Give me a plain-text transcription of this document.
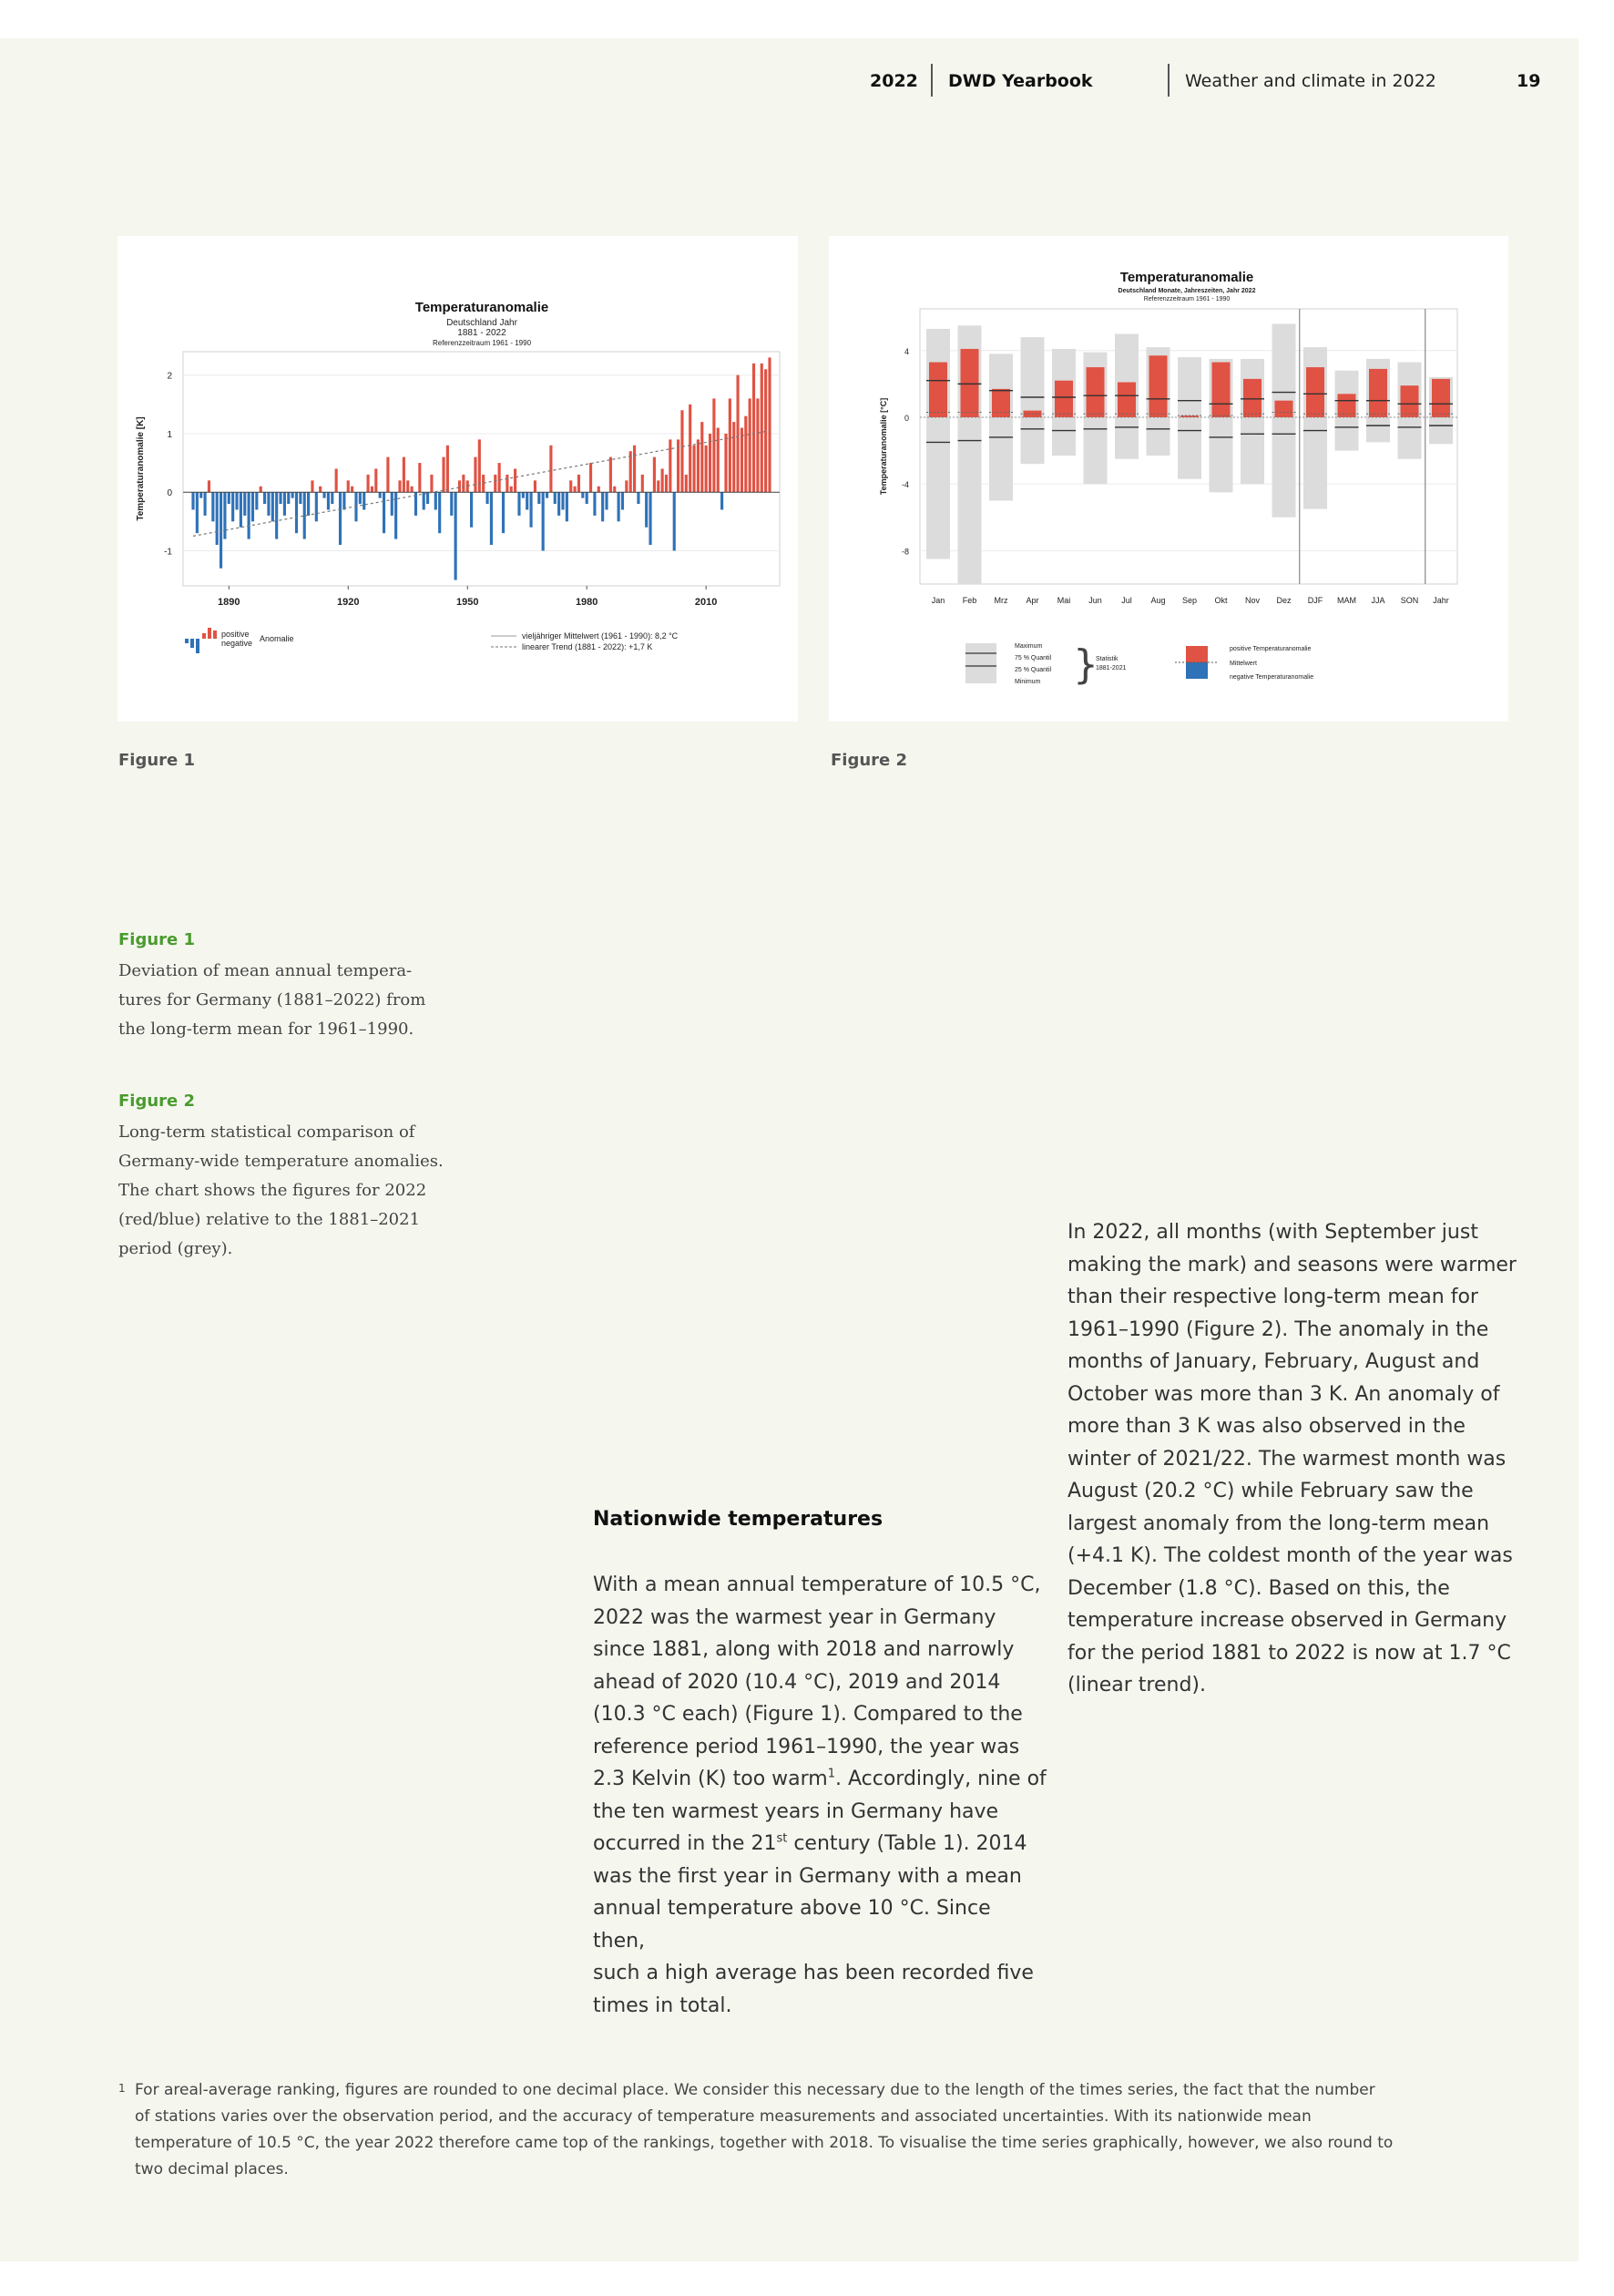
2022 DWD Yearbook	Weather and climate in 2022	19
Temperaturanomalie
Deutschland Jahr
1881 - 2022
Referenzzeitraum 1961 - 1990
2
1
0
-1
Temperaturanomalie [K]
1890	1920	1950	1980	2010
positive
negative Anomalie	vieljähriger Mittelwert (1961 - 1990): 8,2 °C
linearer Trend (1881 - 2022): +1,7 K
Figure 1
Temperaturanomalie
Deutschland Monate, Jahreszeiten, Jahr 2022
Referenzzeitraum 1961 - 1990
4
0
-4
-8
Temperaturanomalie [°C]
Jan Feb Mrz Apr Mai Jun Jul Aug Sep Okt Nov Dez DJF MAM JJA SON Jahr
Maximum
75 % Quantil
25 % Quantil
Minimum }
Statistik
1881-2021
positive Temperaturanomalie
Mittelwert
negative Temperaturanomalie
Figure 2
Figure 1
Deviation of mean annual tempera-
tures for Germany (1881–2022) from
the long-term mean for 1961–1990.
Figure 2
Long-term statistical comparison of
Germany-wide temperature anomalies.
The chart shows the figures for 2022
(red/blue) relative to the 1881–2021
period (grey).
Nationwide temperatures
With a mean annual temperature of 10.5 °C,
2022 was the warmest year in Germany
since 1881, along with 2018 and narrowly
ahead of 2020 (10.4 °C), 2019 and 2014
(10.3 °C each) (Figure 1). Compared to the
reference period 1961–1990, the year was
2.3 Kelvin (K) too warm$^1$. Accordingly, nine of
the ten warmest years in Germany have
occurred in the 21st century (Table 1). 2014
was the first year in Germany with a mean
annual temperature above 10 °C. Since then,
such a high average has been recorded five
times in total.
In 2022, all months (with September just
making the mark) and seasons were warmer
than their respective long-term mean for
1961–1990 (Figure 2). The anomaly in the
months of January, February, August and
October was more than 3 K. An anomaly of
more than 3 K was also observed in the
winter of 2021/22. The warmest month was
August (20.2 °C) while February saw the
largest anomaly from the long-term mean
(+4.1 K). The coldest month of the year was
December (1.8 °C). Based on this, the
temperature increase observed in Germany
for the period 1881 to 2022 is now at 1.7 °C
(linear trend).
1 For areal-average ranking, figures are rounded to one decimal place. We consider this necessary due to the length of the times series, the fact that the number
of stations varies over the observation period, and the accuracy of temperature measurements and associated uncertainties. With its nationwide mean
temperature of 10.5 °C, the year 2022 therefore came top of the rankings, together with 2018. To visualise the time series graphically, however, we also round to
two decimal places.
